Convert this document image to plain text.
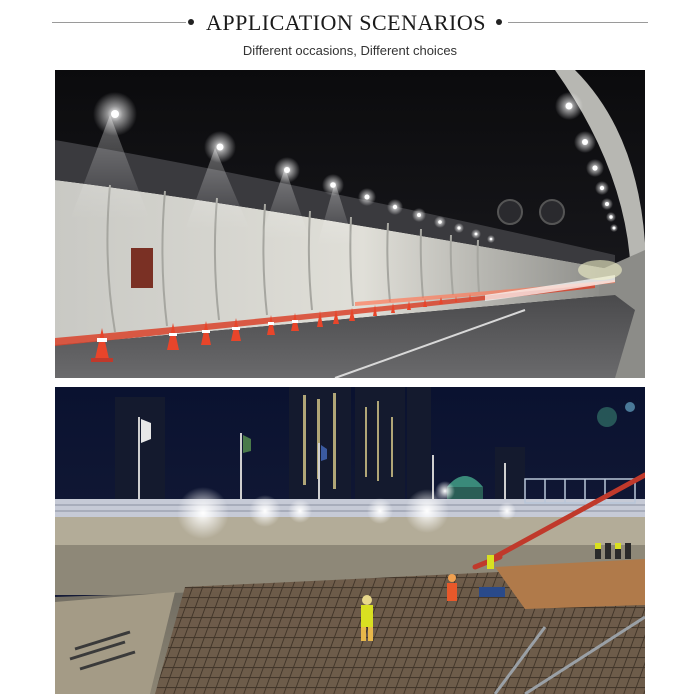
APPLICATION SCENARIOS
Different occasions, Different choices
